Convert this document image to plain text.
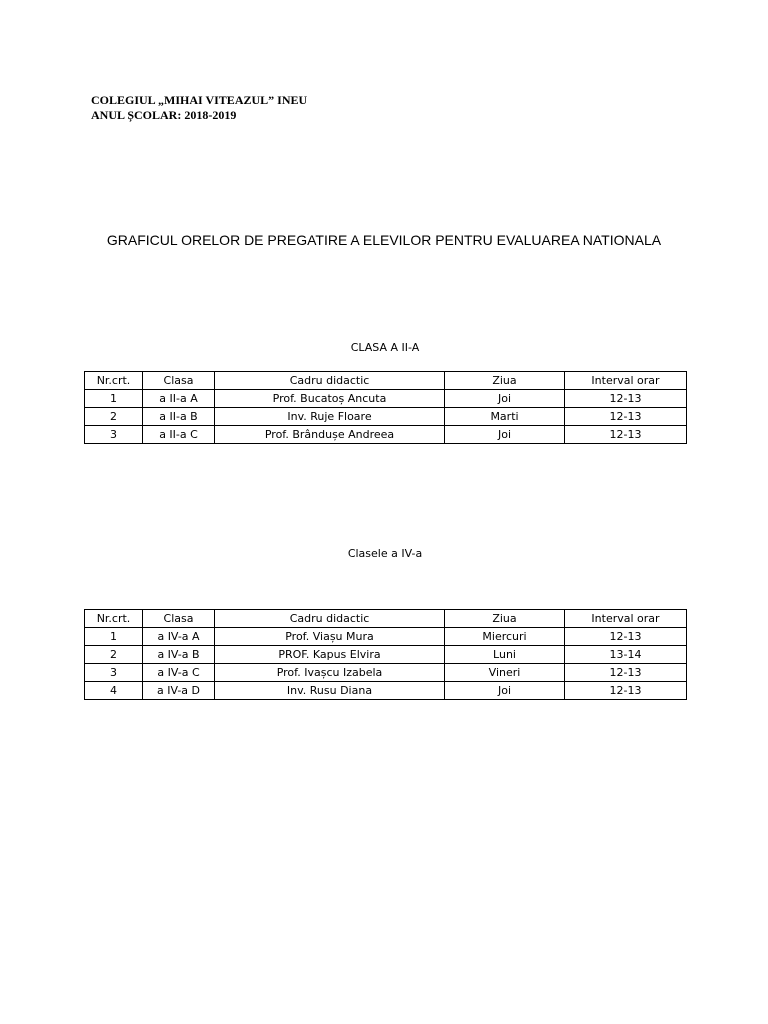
COLEGIUL „MIHAI VITEAZUL” INEU
ANUL ȘCOLAR: 2018-2019
GRAFICUL ORELOR DE PREGATIRE A ELEVILOR PENTRU EVALUAREA NATIONALA
CLASA A II-A
Nr.crt.	Clasa	Cadru didactic	Ziua	Interval orar
1	a II-a A	Prof. Bucatoș Ancuta	Joi	12-13
2	a II-a B	Inv. Ruje Floare	Marti	12-13
3	a II-a C	Prof. Brândușe Andreea	Joi	12-13
Clasele a IV-a
Nr.crt.	Clasa	Cadru didactic	Ziua	Interval orar
1	a IV-a A	Prof. Viașu Mura	Miercuri	12-13
2	a IV-a B	PROF. Kapus Elvira	Luni	13-14
3	a IV-a C	Prof. Ivașcu Izabela	Vineri	12-13
4	a IV-a D	Inv. Rusu Diana	Joi	12-13
